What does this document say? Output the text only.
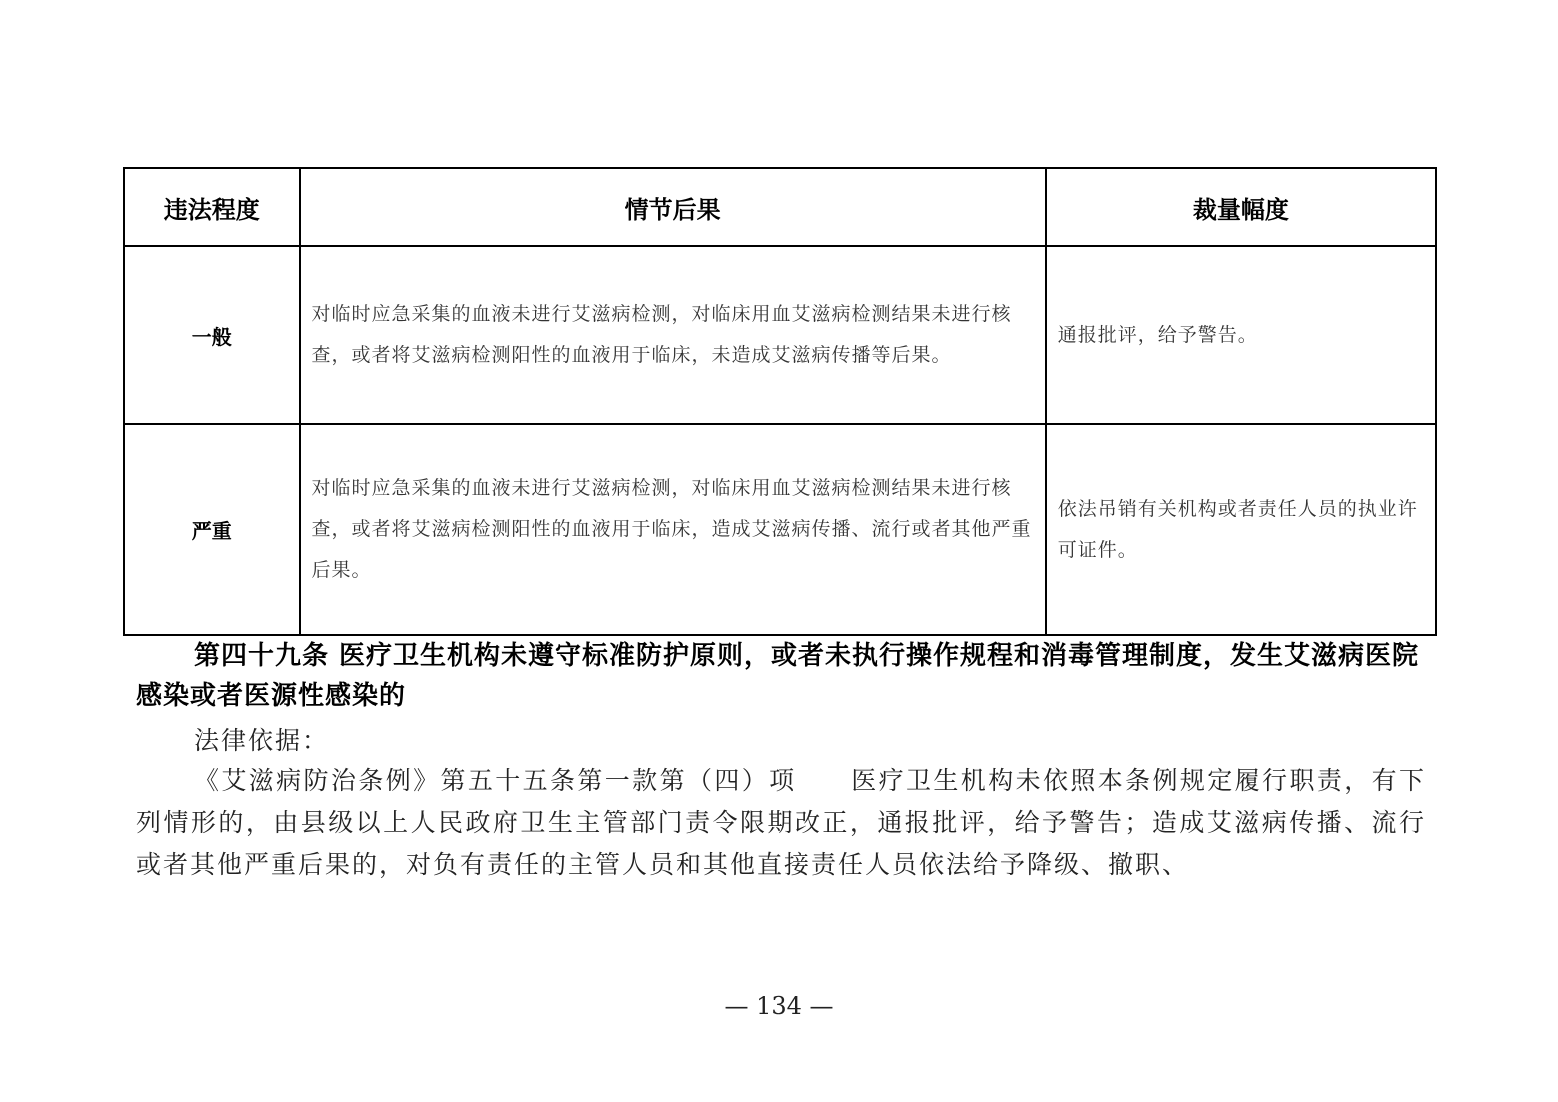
违法程度	情节后果	裁量幅度
一般	对临时应急采集的血液未进行艾滋病检测，对临床用血艾滋病检测结果未进行核查，或者将艾滋病检测阳性的血液用于临床，未造成艾滋病传播等后果。	通报批评，给予警告。

严重	对临时应急采集的血液未进行艾滋病检测，对临床用血艾滋病检测结果未进行核查，或者将艾滋病检测阳性的血液用于临床，造成艾滋病传播、流行或者其他严重后果。	依法吊销有关机构或者责任人员的执业许可证件。
第四十九条 医疗卫生机构未遵守标准防护原则，或者未执行操作规程和消毒管理制度，发生艾滋病医院感染或者医源性感染的
法律依据：
《艾滋病防治条例》第五十五条第一款第（四）项　　医疗卫生机构未依照本条例规定履行职责，有下列情形的，由县级以上人民政府卫生主管部门责令限期改正，通报批评，给予警告；造成艾滋病传播、流行或者其他严重后果的，对负有责任的主管人员和其他直接责任人员依法给予降级、撤职、
— 134 —
